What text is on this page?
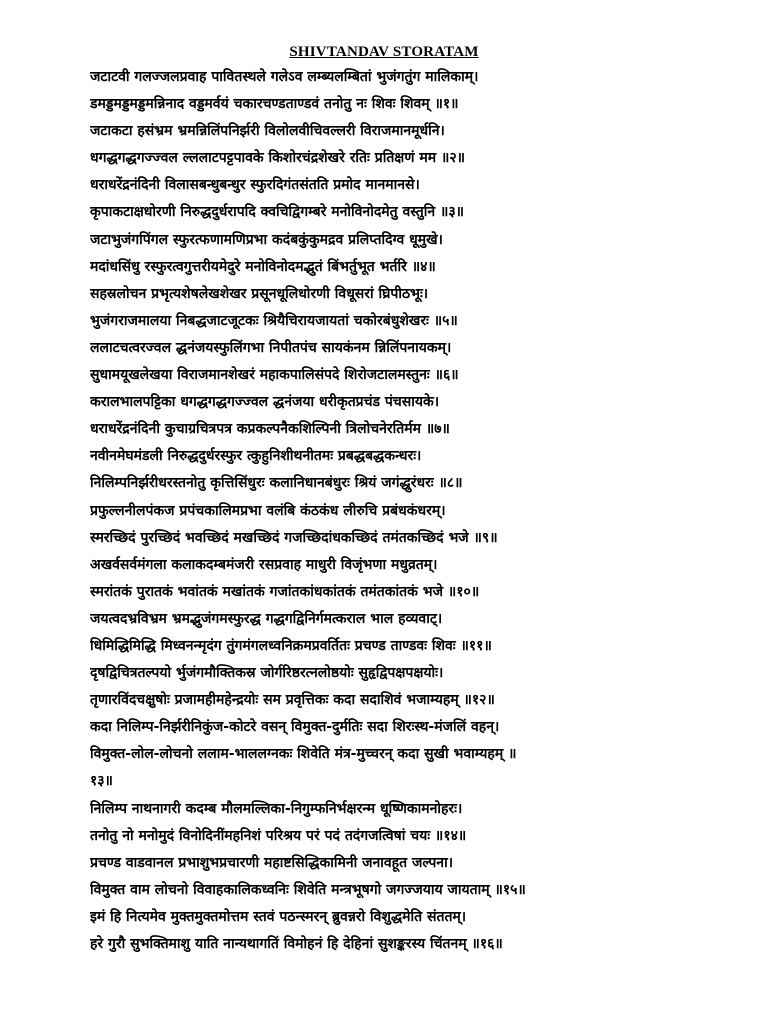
SHIVTANDAV STORATAM
जटाटवी गलज्जलप्रवाह पावितस्थले गलेऽव लम्ब्यलम्बितां भुजंगतुंग मालिकाम्।
डमड्डमड्डमड्डमन्निनाद वड्डमर्वयं चकारचण्डताण्डवं तनोतु नः शिवः शिवम् ॥१॥
जटाकटा हसंभ्रम भ्रमन्निलिंपनिर्झरी विलोलवीचिवल्लरी विराजमानमूर्धनि।
धगद्धगद्धगज्ज्वल ल्ललाटपट्टपावके किशोरचंद्रशेखरे रतिः प्रतिक्षणं मम ॥२॥
धराधरेंद्रनंदिनी विलासबन्धुबन्धुर स्फुरदिगंतसंतति प्रमोद मानमानसे।
कृपाकटाक्षधोरणी निरुद्धदुर्धरापदि क्वचिद्विगम्बरे मनोविनोदमेतु वस्तुनि ॥३॥
जटाभुजंगपिंगल स्फुरत्फणामणिप्रभा कदंबकुंकुमद्रव प्रलिप्तदिग्व धूमुखे।
मदांधसिंधु रस्फुरत्वगुत्तरीयमेदुरे मनोविनोदमद्भुतं बिंभर्तुभूत भर्तरि ॥४॥
सहस्रलोचन प्रभृत्यशेषलेखशेखर प्रसूनधूलिधोरणी विधूसरां घ्रिपीठभूः।
भुजंगराजमालया निबद्धजाटजूटकः श्रियैचिरायजायतां चकोरबंधुशेखरः ॥५॥
ललाटचत्वरज्वल द्धनंजयस्फुलिंगभा निपीतपंच सायकंनम न्निलिंपनायकम्।
सुधामयूखलेखया विराजमानशेखरं महाकपालिसंपदे शिरोजटालमस्तुनः ॥६॥
करालभालपट्टिका धगद्धगद्धगज्ज्वल द्धनंजया धरीकृतप्रचंड पंचसायके।
धराधरेंद्रनंदिनी कुचाग्रचित्रपत्र कप्रकल्पनैकशिल्पिनी त्रिलोचनेरतिर्मम ॥७॥
नवीनमेघमंडली निरुद्धदुर्धरस्फुर त्कुहुनिशीथनीतमः प्रबद्धबद्धकन्धरः।
निलिम्पनिर्झरीधरस्तनोतु कृत्तिसिंधुरः कलानिधानबंधुरः श्रियं जगंद्धुरंधरः ॥८॥
प्रफुल्लनीलपंकज प्रपंचकालिमप्रभा वलंबि कंठकंध लीरुचि प्रबंधकंधरम्।
स्मरच्छिदं पुरच्छिदं भवच्छिदं मखच्छिदं गजच्छिदांधकच्छिदं तमंतकच्छिदं भजे ॥९॥
अखर्वसर्वमंगला कलाकदम्बमंजरी रसप्रवाह माधुरी विजृंभणा मधुव्रतम्।
स्मरांतकं पुरातकं भवांतकं मखांतकं गजांतकांधकांतकं तमंतकांतकं भजे ॥१०॥
जयत्वदभ्रविभ्रम भ्रमद्भुजंगमस्फुरद्ध गद्धगद्विनिर्गमत्कराल भाल हव्यवाट्।
धिमिद्धिमिद्धि मिध्वनन्मृदंग तुंगमंगलध्वनिक्रमप्रवर्तितः प्रचण्ड ताण्डवः शिवः ॥११॥
दृषद्विचित्रतल्पयो र्भुजंगमौक्तिकस्र जोर्गरिष्ठरत्नलोष्ठयोः सुहृद्विपक्षपक्षयोः।
तृणारविंदचक्षुषोः प्रजामहीमहेन्द्रयोः सम प्रवृत्तिकः कदा सदाशिवं भजाम्यहम् ॥१२॥
कदा निलिम्प-निर्झरीनिकुंज-कोटरे वसन् विमुक्त-दुर्मतिः सदा शिरःस्थ-मंजलिं वहन्।
विमुक्त-लोल-लोचनो ललाम-भाललग्नकः शिवेति मंत्र-मुच्चरन् कदा सुखी भवाम्यहम् ॥
१३॥
निलिम्प नाथनागरी कदम्ब मौलमल्लिका-निगुम्फनिर्भक्षरन्म धूष्णिकामनोहरः।
तनोतु नो मनोमुदं विनोदिनींमहनिशं परिश्रय परं पदं तदंगजत्विषां चयः ॥१४॥
प्रचण्ड वाडवानल प्रभाशुभप्रचारणी महाष्टसिद्धिकामिनी जनावहूत जल्पना।
विमुक्त वाम लोचनो विवाहकालिकध्वनिः शिवेति मन्त्रभूषगो जगज्जयाय जायताम् ॥१५॥
इमं हि नित्यमेव मुक्तमुक्तमोत्तम स्तवं पठन्स्मरन् ब्रुवन्नरो विशुद्धमेति संततम्।
हरे गुरौ सुभक्तिमाशु याति नान्यथागतिं विमोहनं हि देहिनां सुशङ्करस्य चिंतनम् ॥१६॥
